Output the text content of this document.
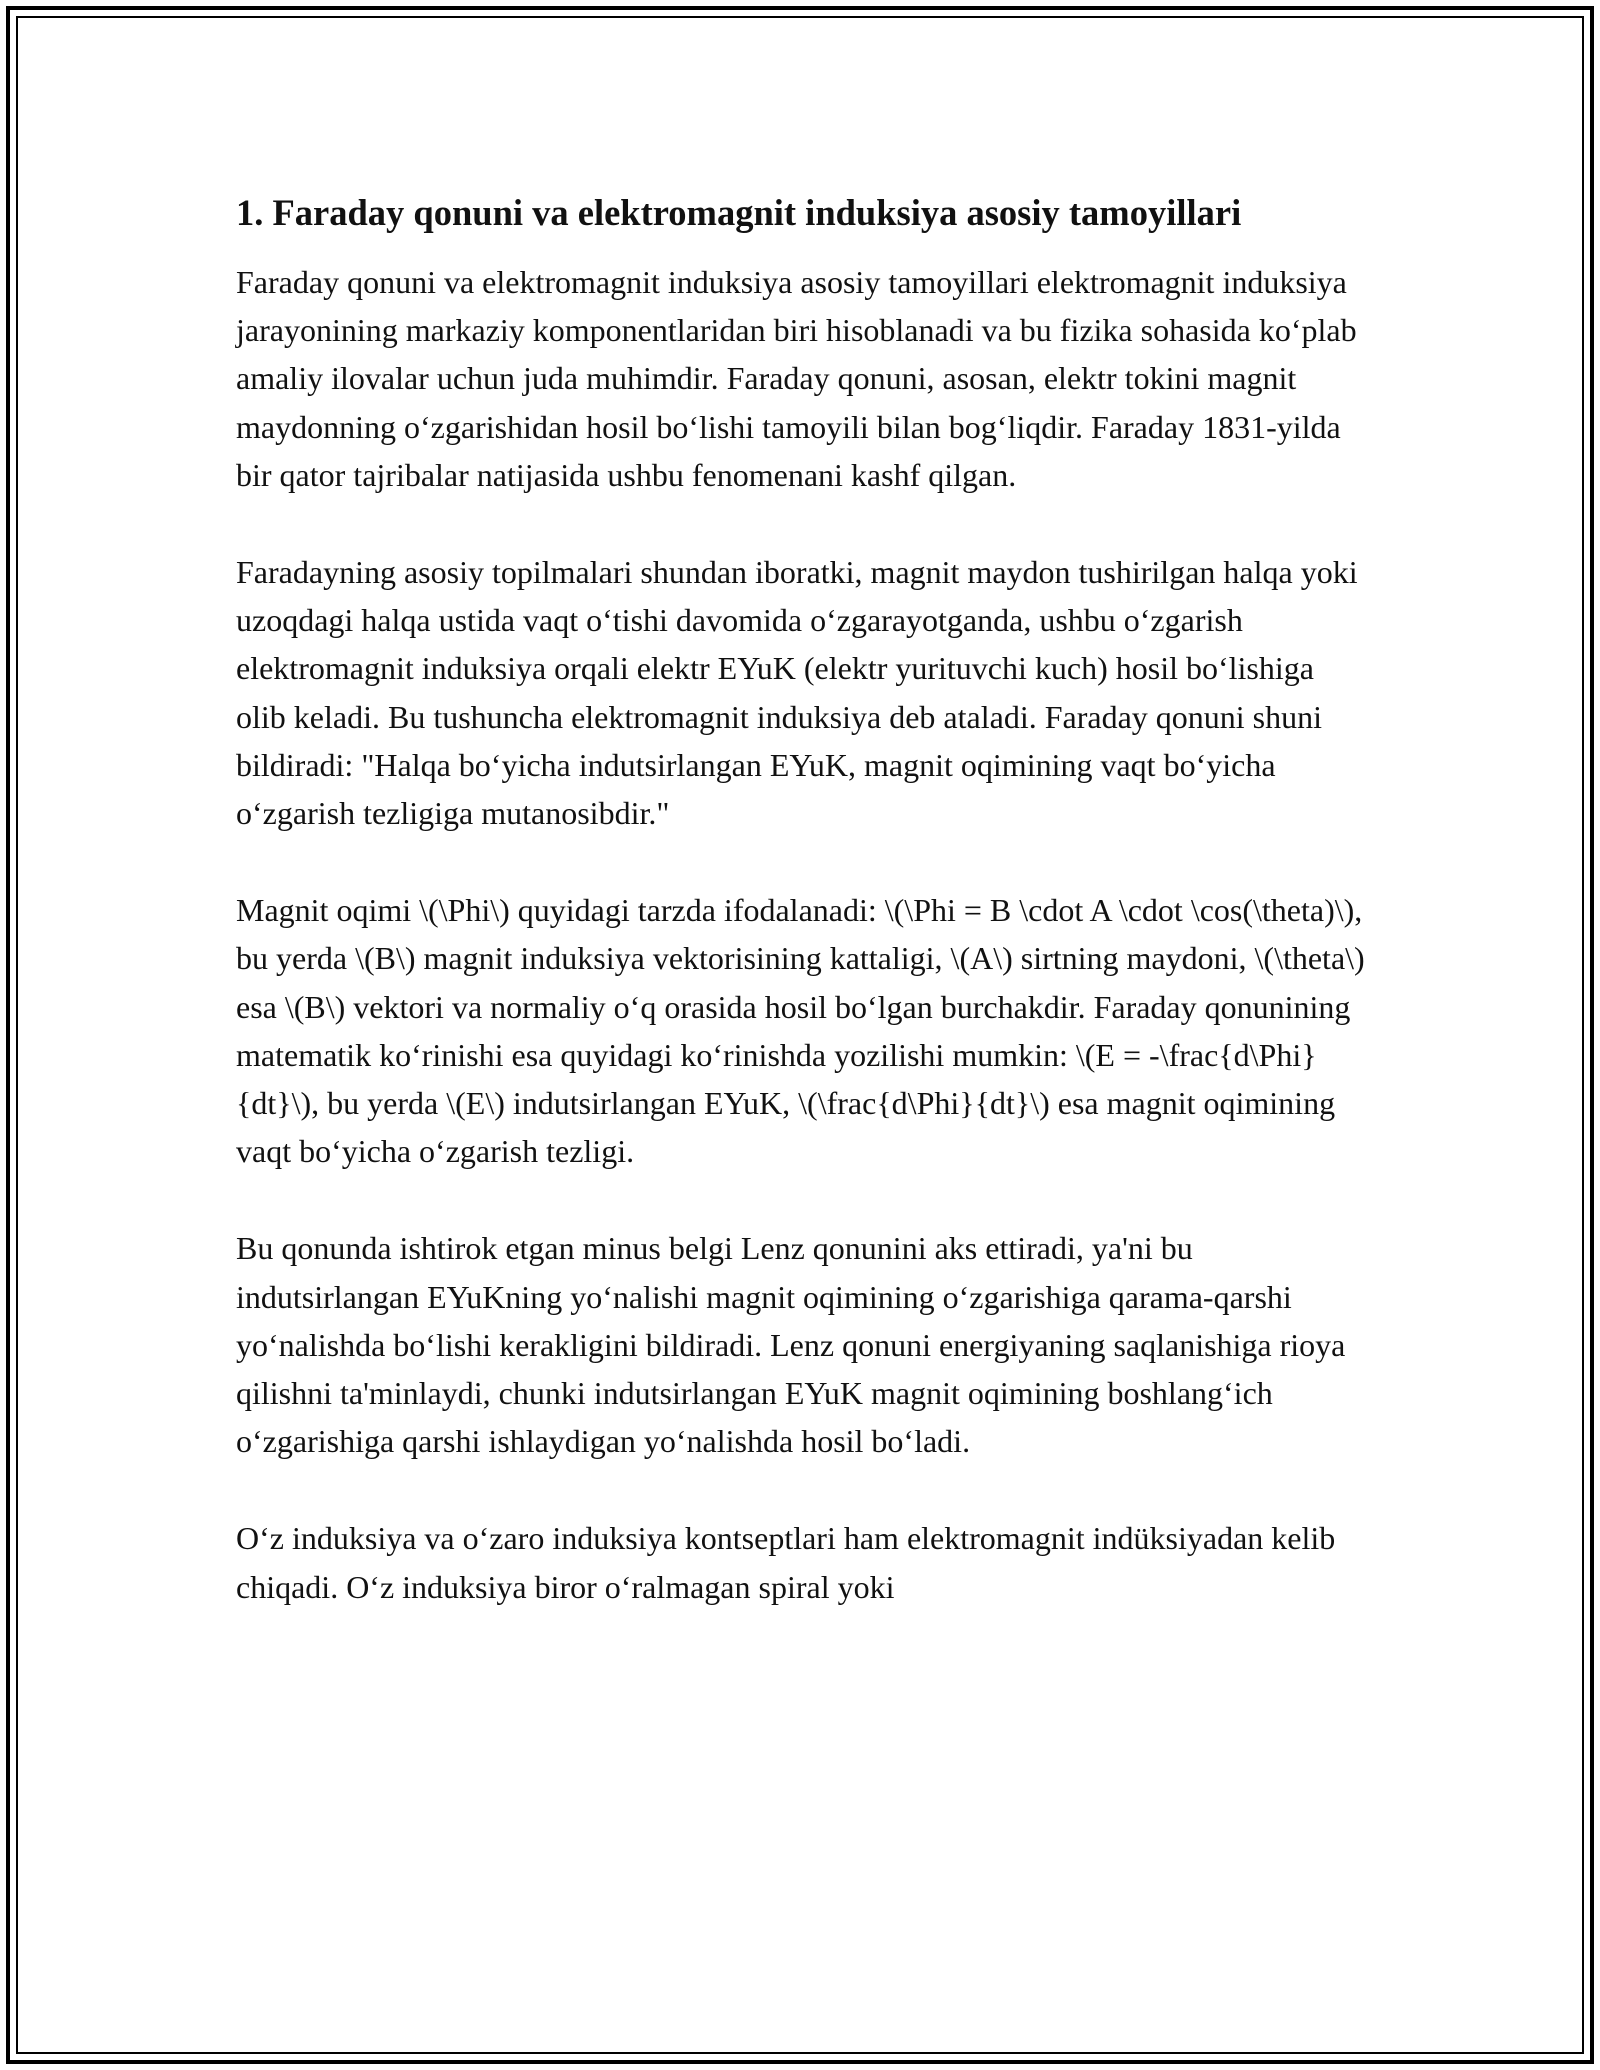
1. Faraday qonuni va elektromagnit induksiya asosiy tamoyillari

Faraday qonuni va elektromagnit induksiya asosiy tamoyillari elektromagnit induksiya jarayonining markaziy komponentlaridan biri hisoblanadi va bu fizika sohasida koʻplab amaliy ilovalar uchun juda muhimdir. Faraday qonuni, asosan, elektr tokini magnit maydonning oʻzgarishidan hosil boʻlishi tamoyili bilan bogʻliqdir. Faraday 1831-yilda bir qator tajribalar natijasida ushbu fenomenani kashf qilgan.

Faradayning asosiy topilmalari shundan iboratki, magnit maydon tushirilgan halqa yoki uzoqdagi halqa ustida vaqt oʻtishi davomida oʻzgarayotganda, ushbu oʻzgarish elektromagnit induksiya orqali elektr EYuK (elektr yurituvchi kuch) hosil boʻlishiga olib keladi. Bu tushuncha elektromagnit induksiya deb ataladi. Faraday qonuni shuni bildiradi: "Halqa boʻyicha indutsirlangan EYuK, magnit oqimining vaqt boʻyicha oʻzgarish tezligiga mutanosibdir."

Magnit oqimi \(\Phi\) quyidagi tarzda ifodalanadi: \(\Phi = B \cdot A \cdot \cos(\theta)\), bu yerda \(B\) magnit induksiya vektorisining kattaligi, \(A\) sirtning maydoni, \(\theta\) esa \(B\) vektori va normaliy oʻq orasida hosil boʻlgan burchakdir. Faraday qonunining matematik koʻrinishi esa quyidagi koʻrinishda yozilishi mumkin: \(E = -\frac{d\Phi}{dt}\), bu yerda \(E\) indutsirlangan EYuK, \(\frac{d\Phi}{dt}\) esa magnit oqimining vaqt boʻyicha oʻzgarish tezligi.

Bu qonunda ishtirok etgan minus belgi Lenz qonunini aks ettiradi, ya'ni bu indutsirlangan EYuKning yoʻnalishi magnit oqimining oʻzgarishiga qarama-qarshi yoʻnalishda boʻlishi kerakligini bildiradi. Lenz qonuni energiyaning saqlanishiga rioya qilishni ta'minlaydi, chunki indutsirlangan EYuK magnit oqimining boshlangʻich oʻzgarishiga qarshi ishlaydigan yoʻnalishda hosil boʻladi.

Oʻz induksiya va oʻzaro induksiya kontseptlari ham elektromagnit indüksiyadan kelib chiqadi. Oʻz induksiya biror oʻralmagan spiral yoki
